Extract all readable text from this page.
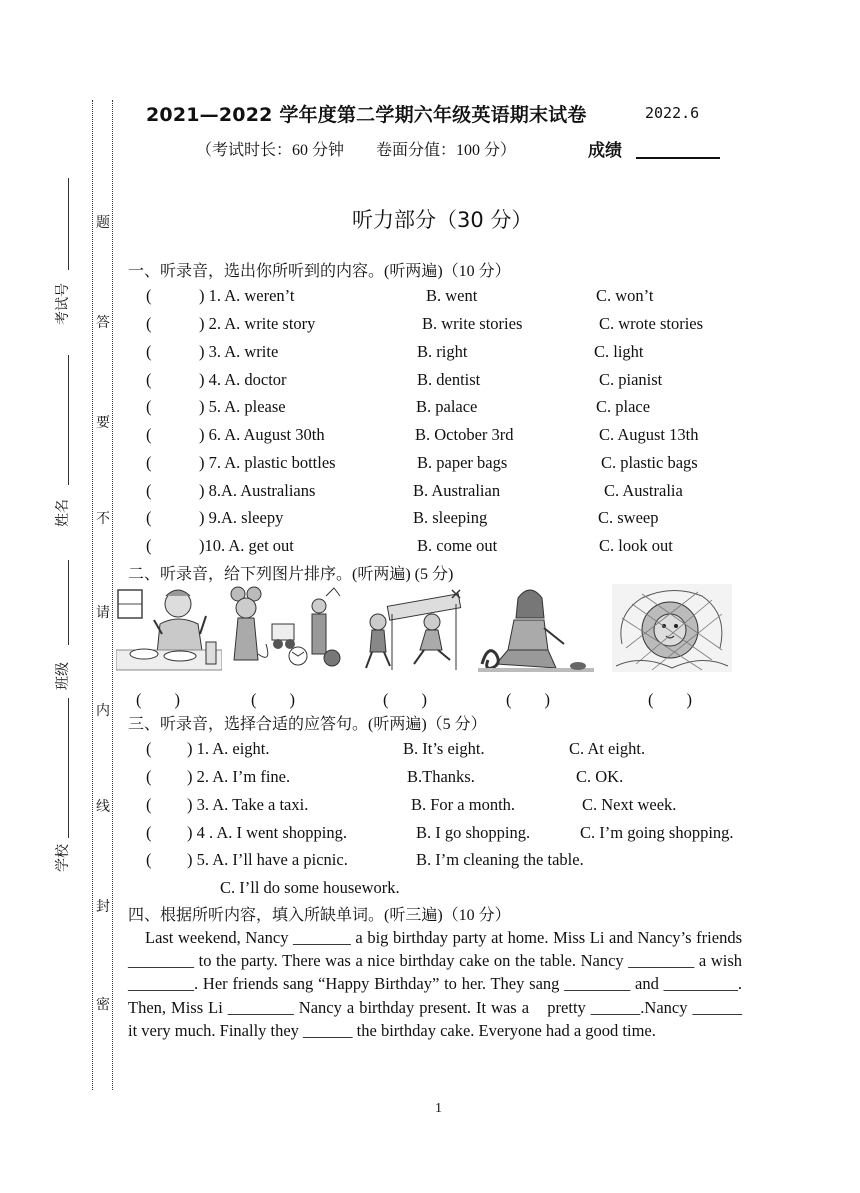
题
答
要
不
请
内
线
封
密
考试号
姓名
班级
学校
2021—2022 学年度第二学期六年级英语期末试卷	2022.6
（考试时长：60 分钟　　卷面分值：100 分）	成绩
听力部分（30 分）
一、听录音，选出你所听到的内容。(听两遍)（10 分）
(	) 1. A. weren’t	B. went	C. won’t
(	) 2. A. write story	B. write stories	C. wrote stories
(	) 3. A. write	B. right	C. light
(	) 4. A. doctor	B. dentist	C. pianist
(	) 5. A. please	B. palace	C. place
(	) 6. A. August 30th	B. October 3rd	C. August 13th
(	) 7. A. plastic bottles	B. paper bags	C. plastic bags
(	) 8.A. Australians	B. Australian	C. Australia
(	) 9.A. sleepy	B. sleeping	C. sweep
(	)10. A. get out	B. come out	C. look out
二、听录音，给下列图片排序。(听两遍) (5 分)
(　　)	(　　)	(　　)	(　　)	(　　)
三、听录音，选择合适的应答句。(听两遍)（5 分）
( ) 1. A. eight.	B. It’s eight.	C. At eight.
( ) 2. A. I’m fine.	B.Thanks.	C. OK.
( ) 3. A. Take a taxi.	B. For a month.	C. Next week.
( ) 4 . A. I went shopping.	B. I go shopping.	C. I’m going shopping.
( ) 5. A. I’ll have a picnic.	B. I’m cleaning the table.
C. I’ll do some housework.
四、根据所听内容，填入所缺单词。(听三遍)（10 分）

　Last weekend, Nancy _______ a big birthday party at home. Miss Li and Nancy’s friends ________ to the party. There was a nice birthday cake on the table. Nancy ________ a wish ________. Her friends sang “Happy Birthday” to her. They sang ________ and _________. Then, Miss Li ________ Nancy a birthday present. It was a　pretty ______.Nancy ______ it very much. Finally they ______ the birthday cake. Everyone had a good time.

1
